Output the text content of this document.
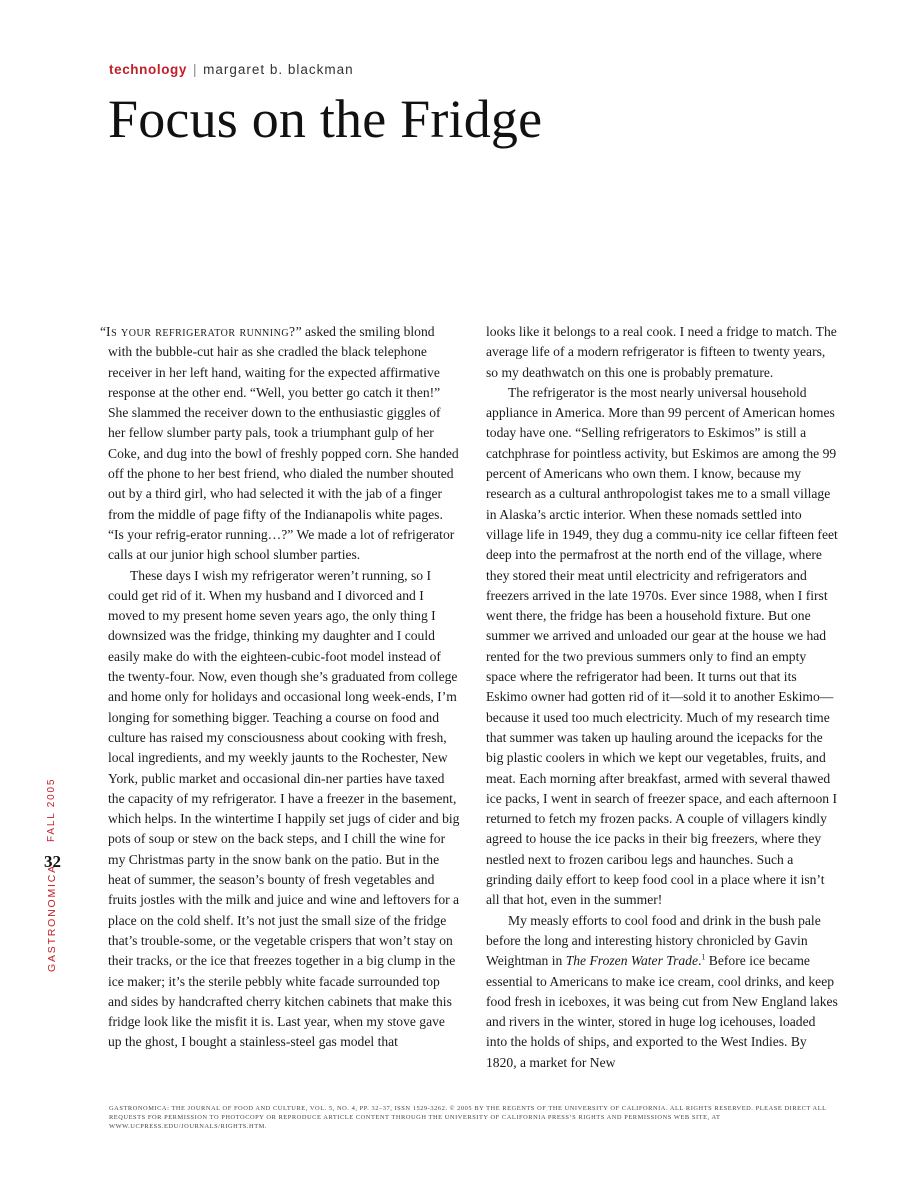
technology | margaret b. blackman
Focus on the Fridge
GASTRONOMICA
32
FALL 2005

“Is your refrigerator running?” asked the smiling blond with the bubble-cut hair as she cradled the black telephone receiver in her left hand, waiting for the expected affirmative response at the other end. “Well, you better go catch it then!” She slammed the receiver down to the enthusiastic giggles of her fellow slumber party pals, took a triumphant gulp of her Coke, and dug into the bowl of freshly popped corn. She handed off the phone to her best friend, who dialed the number shouted out by a third girl, who had selected it with the jab of a finger from the middle of page fifty of the Indianapolis white pages. “Is your refrig-erator running…?” We made a lot of refrigerator calls at our junior high school slumber parties.

These days I wish my refrigerator weren’t running, so I could get rid of it. When my husband and I divorced and I moved to my present home seven years ago, the only thing I downsized was the fridge, thinking my daughter and I could easily make do with the eighteen-cubic-foot model instead of the twenty-four. Now, even though she’s graduated from college and home only for holidays and occasional long week-ends, I’m longing for something bigger. Teaching a course on food and culture has raised my consciousness about cooking with fresh, local ingredients, and my weekly jaunts to the Rochester, New York, public market and occasional din-ner parties have taxed the capacity of my refrigerator. I have a freezer in the basement, which helps. In the wintertime I happily set jugs of cider and big pots of soup or stew on the back steps, and I chill the wine for my Christmas party in the snow bank on the patio. But in the heat of summer, the season’s bounty of fresh vegetables and fruits jostles with the milk and juice and wine and leftovers for a place on the cold shelf. It’s not just the small size of the fridge that’s trouble-some, or the vegetable crispers that won’t stay on their tracks, or the ice that freezes together in a big clump in the ice maker; it’s the sterile pebbly white facade surrounded top and sides by handcrafted cherry kitchen cabinets that make this fridge look like the misfit it is. Last year, when my stove gave up the ghost, I bought a stainless-steel gas model that

looks like it belongs to a real cook. I need a fridge to match. The average life of a modern refrigerator is fifteen to twenty years, so my deathwatch on this one is probably premature.

The refrigerator is the most nearly universal household appliance in America. More than 99 percent of American homes today have one. “Selling refrigerators to Eskimos” is still a catchphrase for pointless activity, but Eskimos are among the 99 percent of Americans who own them. I know, because my research as a cultural anthropologist takes me to a small village in Alaska’s arctic interior. When these nomads settled into village life in 1949, they dug a commu-nity ice cellar fifteen feet deep into the permafrost at the north end of the village, where they stored their meat until electricity and refrigerators and freezers arrived in the late 1970s. Ever since 1988, when I first went there, the fridge has been a household fixture. But one summer we arrived and unloaded our gear at the house we had rented for the two previous summers only to find an empty space where the refrigerator had been. It turns out that its Eskimo owner had gotten rid of it—sold it to another Eskimo—because it used too much electricity. Much of my research time that summer was taken up hauling around the icepacks for the big plastic coolers in which we kept our vegetables, fruits, and meat. Each morning after breakfast, armed with several thawed ice packs, I went in search of freezer space, and each afternoon I returned to fetch my frozen packs. A couple of villagers kindly agreed to house the ice packs in their big freezers, where they nestled next to frozen caribou legs and haunches. Such a grinding daily effort to keep food cool in a place where it isn’t all that hot, even in the summer!

My measly efforts to cool food and drink in the bush pale before the long and interesting history chronicled by Gavin Weightman in The Frozen Water Trade.$^1$ Before ice became essential to Americans to make ice cream, cool drinks, and keep food fresh in iceboxes, it was being cut from New England lakes and rivers in the winter, stored in huge log icehouses, loaded into the holds of ships, and exported to the West Indies. By 1820, a market for New

GASTRONOMICA: THE JOURNAL OF FOOD AND CULTURE, VOL. 5, NO. 4, PP. 32–37, ISSN 1529-3262. © 2005 BY THE REGENTS OF THE UNIVERSITY OF CALIFORNIA. ALL RIGHTS RESERVED. PLEASE DIRECT ALL REQUESTS FOR PERMISSION TO PHOTOCOPY OR REPRODUCE ARTICLE CONTENT THROUGH THE UNIVERSITY OF CALIFORNIA PRESS’S RIGHTS AND PERMISSIONS WEB SITE, AT WWW.UCPRESS.EDU/JOURNALS/RIGHTS.HTM.
